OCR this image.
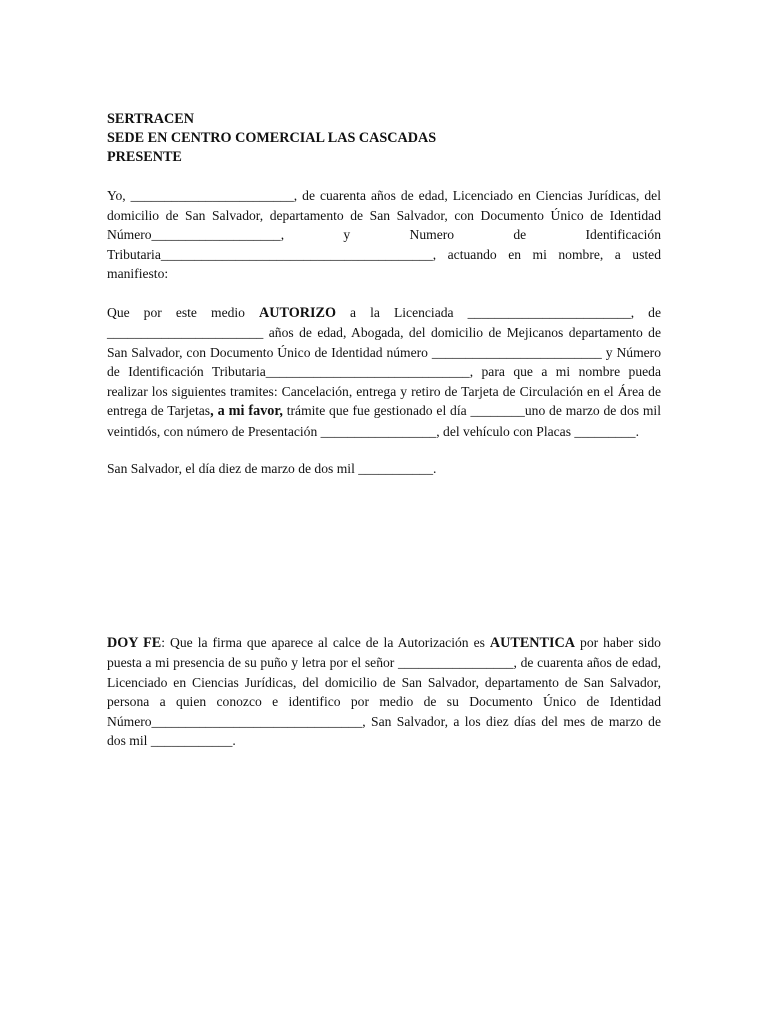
SERTRACEN

SEDE EN CENTRO COMERCIAL LAS CASCADAS

PRESENTE

Yo, ________________________, de cuarenta años de edad, Licenciado en Ciencias Jurídicas, del domicilio de San Salvador, departamento de San Salvador, con Documento Único de Identidad Número___________________, y Numero de Identificación Tributaria________________________________________, actuando en mi nombre, a usted manifiesto:

Que por este medio AUTORIZO a la Licenciada ________________________, de _______________________ años de edad, Abogada, del domicilio de Mejicanos departamento de San Salvador, con Documento Único de Identidad número _________________________ y Número de Identificación Tributaria______________________________, para que a mi nombre pueda realizar los siguientes tramites: Cancelación, entrega y retiro de Tarjeta de Circulación en el Área de entrega de Tarjetas, a mi favor, trámite que fue gestionado el día ________uno de marzo de dos mil veintidós, con número de Presentación _________________, del vehículo con Placas _________.

San Salvador, el día diez de marzo de dos mil ___________.

DOY FE: Que la firma que aparece al calce de la Autorización es AUTENTICA por haber sido puesta a mi presencia de su puño y letra por el señor _________________, de cuarenta años de edad, Licenciado en Ciencias Jurídicas, del domicilio de San Salvador, departamento de San Salvador, persona a quien conozco e identifico por medio de su Documento Único de Identidad Número_______________________________, San Salvador, a los diez días del mes de marzo de dos mil ____________.
